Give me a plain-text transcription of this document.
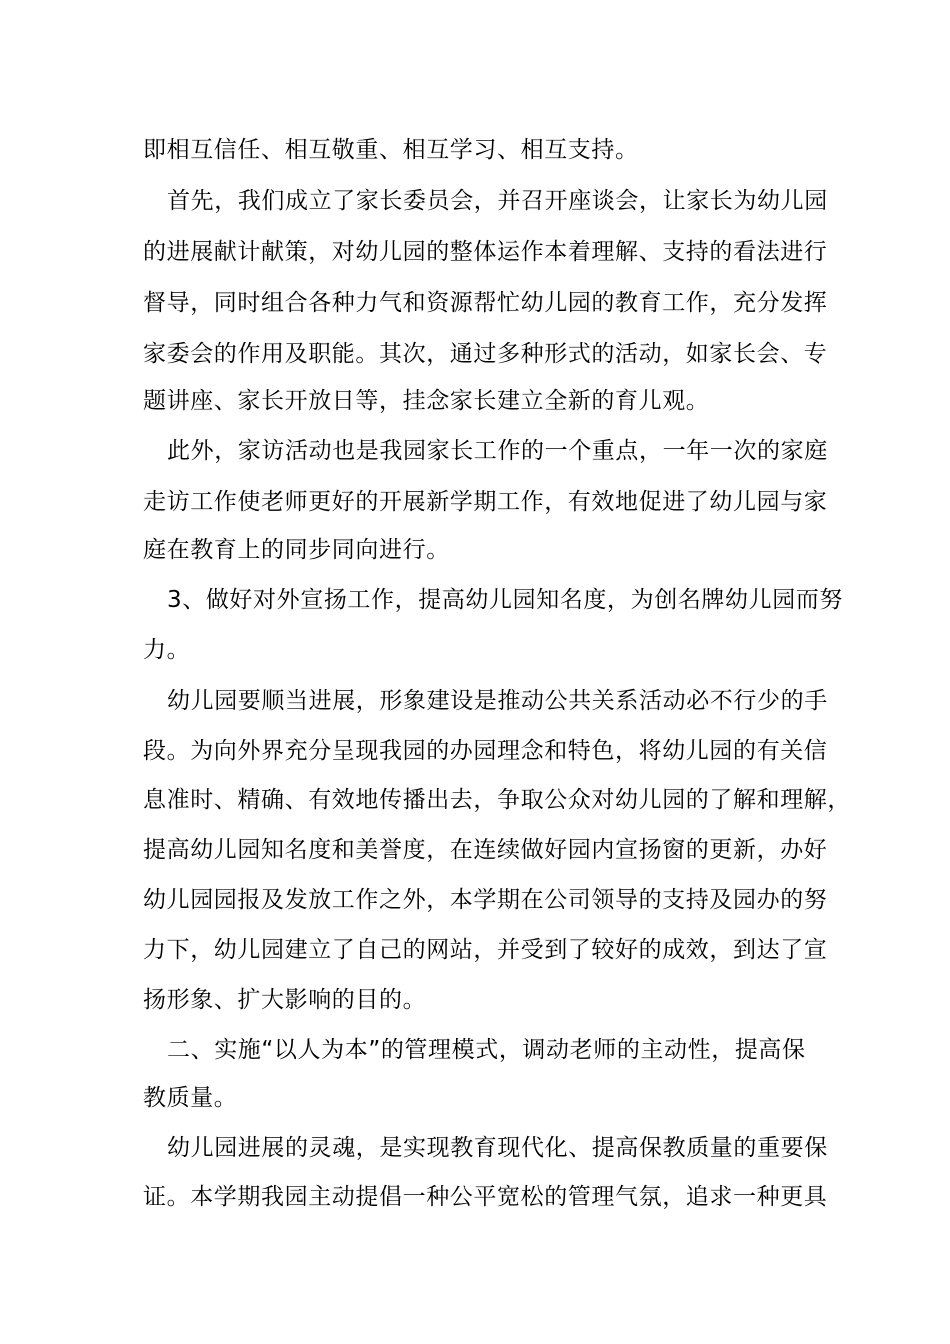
即相互信任、相互敬重、相互学习、相互支持。
首先，我们成立了家长委员会，并召开座谈会，让家长为幼儿园
的进展献计献策，对幼儿园的整体运作本着理解、支持的看法进行
督导，同时组合各种力气和资源帮忙幼儿园的教育工作，充分发挥
家委会的作用及职能。其次，通过多种形式的活动，如家长会、专
题讲座、家长开放日等，挂念家长建立全新的育儿观。
此外，家访活动也是我园家长工作的一个重点，一年一次的家庭
走访工作使老师更好的开展新学期工作，有效地促进了幼儿园与家
庭在教育上的同步同向进行。
3、做好对外宣扬工作，提高幼儿园知名度，为创名牌幼儿园而努
力。
幼儿园要顺当进展，形象建设是推动公共关系活动必不行少的手
段。为向外界充分呈现我园的办园理念和特色，将幼儿园的有关信
息准时、精确、有效地传播出去，争取公众对幼儿园的了解和理解，
提高幼儿园知名度和美誉度，在连续做好园内宣扬窗的更新，办好
幼儿园园报及发放工作之外，本学期在公司领导的支持及园办的努
力下，幼儿园建立了自己的网站，并受到了较好的成效，到达了宣
扬形象、扩大影响的目的。
二、实施“以人为本”的管理模式，调动老师的主动性，提高保
教质量。
幼儿园进展的灵魂，是实现教育现代化、提高保教质量的重要保
证。本学期我园主动提倡一种公平宽松的管理气氛，追求一种更具
